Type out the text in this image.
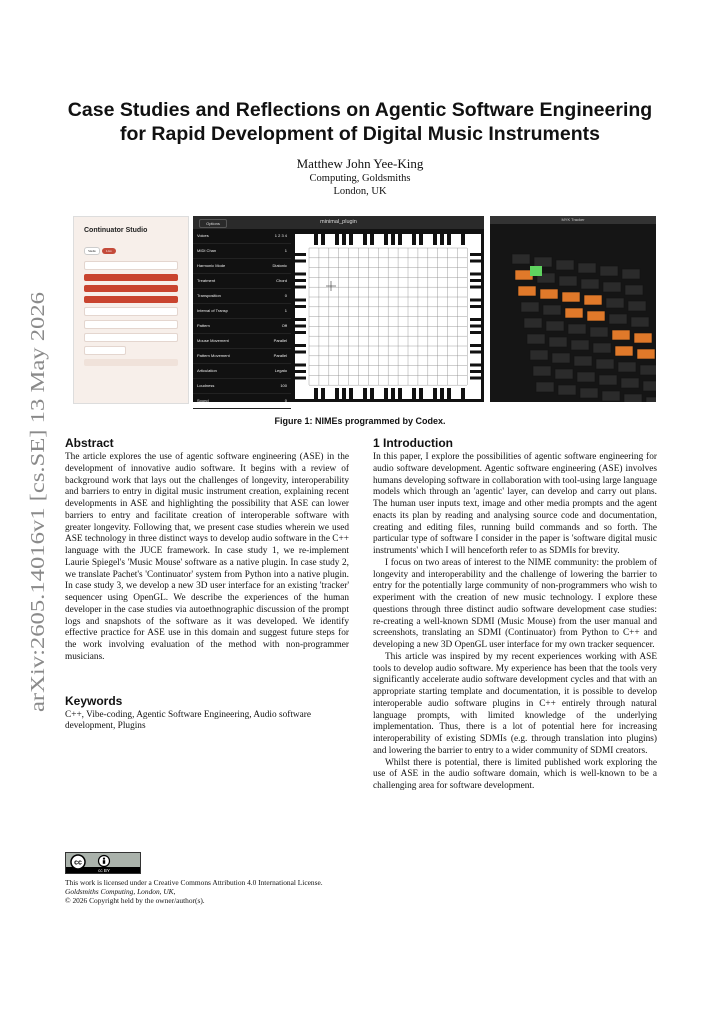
arXiv:2605.14016v1 [cs.SE] 13 May 2026
Case Studies and Reflections on Agentic Software Engineering
for Rapid Development of Digital Music Instruments
Matthew John Yee-King
Computing, Goldsmiths
London, UK
Continuator Studio
Studio	Live
Options	minimal_plugin
Voices	1 2 3 4
MIDI Chan	1
Harmonic Mode	Diatonic
Treatment	Chord
Transposition	0
Interval of Transp	1
Pattern	Off
Mouse Movement	Parallel
Pattern Movement	Parallel
Articulation	Legato
Loudness	100
Sound	0
MYK Tracker
Figure 1: NIMEs programmed by Codex.
Abstract

The article explores the use of agentic software engineering (ASE) in the development of innovative audio software. It begins with a review of background work that lays out the challenges of longevity, interoperability and barriers to entry in digital music instrument creation, explaining recent developments in ASE and highlighting the possibility that ASE can lower barriers to entry and facilitate creation of interoperable software with greater longevity. Following that, we present case studies wherein we used ASE technology in three distinct ways to develop audio software in the C++ language with the JUCE framework. In case study 1, we re-implement Laurie Spiegel's 'Music Mouse' software as a native plugin. In case study 2, we translate Pachet's 'Continuator' system from Python into a native plugin. In case study 3, we develop a new 3D user interface for an existing 'tracker' sequencer using OpenGL. We describe the experiences of the human developer in the case studies via autoethnographic discussion of the prompt logs and snapshots of the software as it was developed. We identify effective practice for ASE use in this domain and suggest future steps for the work involving evaluation of the method with non-programmer musicians.

Keywords

C++, Vibe-coding, Agentic Software Engineering, Audio software development, Plugins

cc
cc BY
This work is licensed under a Creative Commons Attribution 4.0 International License.
Goldsmiths Computing, London, UK,
© 2026 Copyright held by the owner/author(s).
1 Introduction

In this paper, I explore the possibilities of agentic software engineering for audio software development. Agentic software engineering (ASE) involves humans developing software in collaboration with tool-using large language models which through an 'agentic' layer, can develop and carry out plans. The human user inputs text, image and other media prompts and the agent enacts its plan by reading and analysing source code and documentation, creating and editing files, running build commands and so forth. The particular type of software I consider in the paper is 'software digital music instruments' which I will henceforth refer to as SDMIs for brevity.

I focus on two areas of interest to the NIME community: the problem of longevity and interoperability and the challenge of lowering the barrier to entry for the potentially large community of non-programmers who wish to experiment with the creation of new music technology. I explore these questions through three distinct audio software development case studies: re-creating a well-known SDMI (Music Mouse) from the user manual and screenshots, translating an SDMI (Continuator) from Python to C++ and developing a new 3D OpenGL user interface for my own tracker sequencer.

This article was inspired by my recent experiences working with ASE tools to develop audio software. My experience has been that the tools very significantly accelerate audio software development cycles and that with an appropriate starting template and documentation, it is possible to develop interoperable audio software plugins in C++ entirely through natural language prompts, with limited knowledge of the underlying implementation. Thus, there is a lot of potential here for increasing interoperability of existing SDMIs (e.g. through translation into plugins) and lowering the barrier to entry to a wider community of SDMI creators.

Whilst there is potential, there is limited published work exploring the use of ASE in the audio software domain, which is well-known to be a challenging area for software development.
